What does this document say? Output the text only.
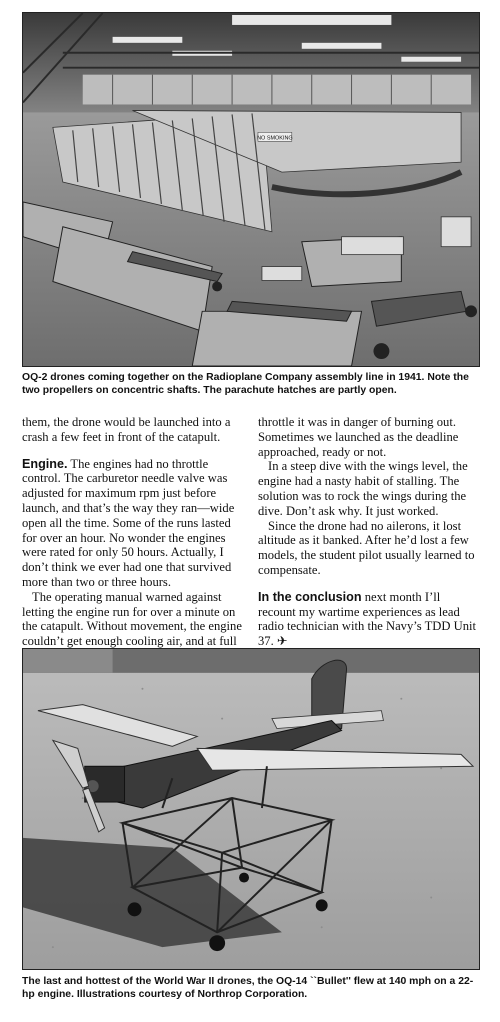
NO SMOKING
OQ-2 drones coming together on the Radioplane Company assembly line in 1941. Note the two propellers on concentric shafts. The parachute hatches are partly open.

them, the drone would be launched into a crash a few feet in front of the catapult.

Engine. The engines had no throttle control. The carburetor needle valve was adjusted for maximum rpm just before launch, and that’s the way they ran—wide open all the time. Some of the runs lasted for over an hour. No wonder the engines were rated for only 50 hours. Actually, I don’t think we ever had one that survived more than two or three hours.

The operating manual warned against letting the engine run for over a minute on the catapult. Without movement, the engine couldn’t get enough cooling air, and at full

throttle it was in danger of burning out. Sometimes we launched as the deadline approached, ready or not.

In a steep dive with the wings level, the engine had a nasty habit of stalling. The solution was to rock the wings during the dive. Don’t ask why. It just worked.

Since the drone had no ailerons, it lost altitude as it banked. After he’d lost a few models, the student pilot usually learned to compensate.

In the conclusion next month I’ll recount my wartime experiences as lead radio technician with the Navy’s TDD Unit 37. ✈

The last and hottest of the World War II drones, the OQ-14 ``Bullet'' flew at 140 mph on a 22-hp engine. Illustrations courtesy of Northrop Corporation.
